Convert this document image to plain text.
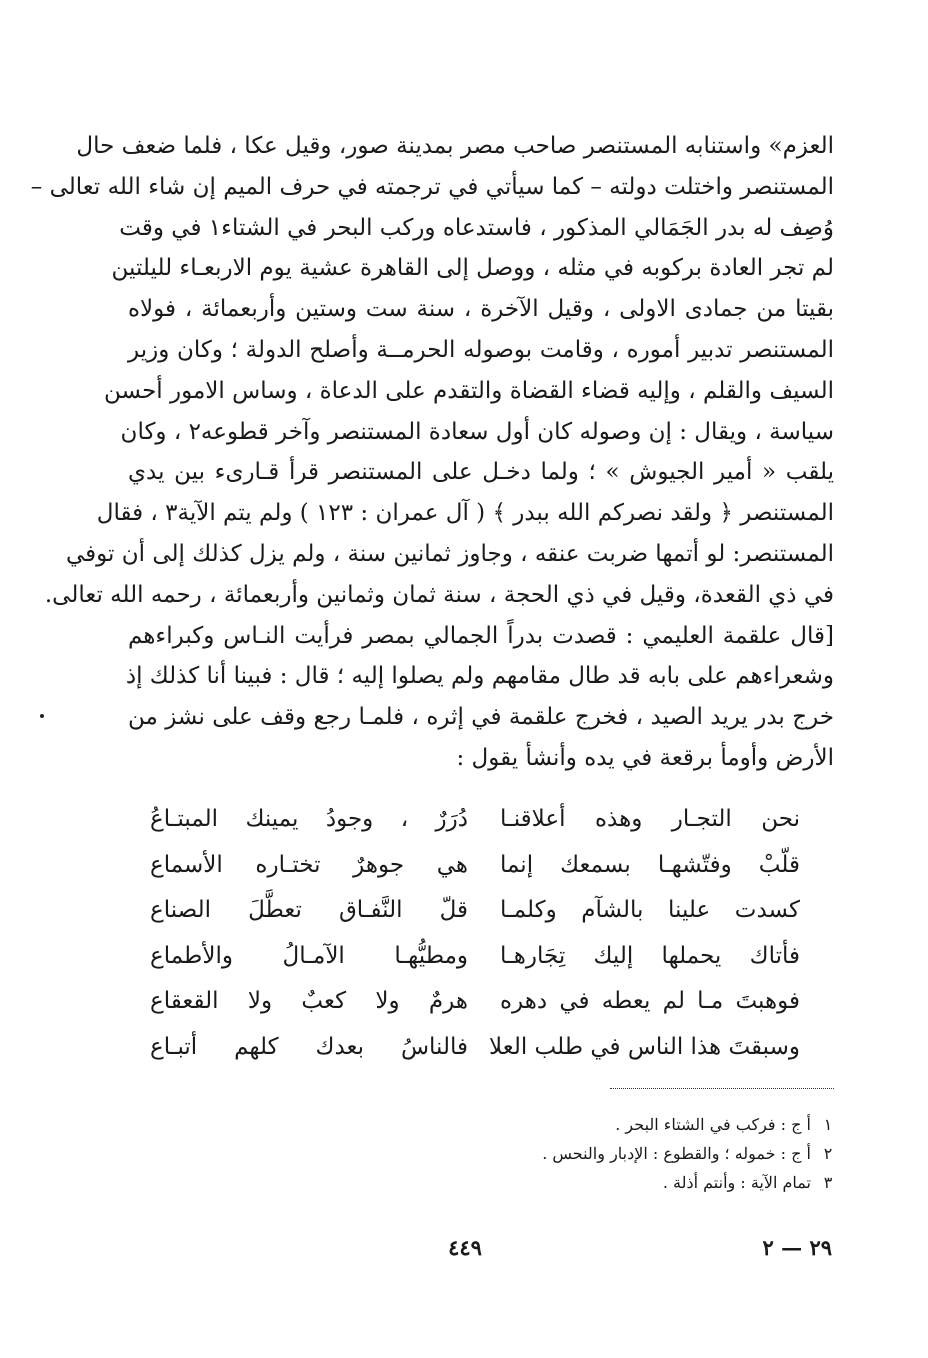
العزم» واستنابه المستنصر صاحب مصر بمدينة صور، وقيل عكا ، فلما ضعف حال
المستنصر واختلت دولته – كما سيأتي في ترجمته في حرف الميم إن شاء الله تعالى –
وُصِف له بدر الجَمَالي المذكور ، فاستدعاه وركب البحر في الشتاء١ في وقت
لم تجر العادة بركوبه في مثله ، ووصل إلى القاهرة عشية يوم الاربعـاء لليلتين
بقيتا من جمادى الاولى ، وقيل الآخرة ، سنة ست وستين وأربعمائة ، فولاه
المستنصر تدبير أموره ، وقامت بوصوله الحرمــة وأصلح الدولة ؛ وكان وزير
السيف والقلم ، وإليه قضاء القضاة والتقدم على الدعاة ، وساس الامور أحسن
سياسة ، ويقال : إن وصوله كان أول سعادة المستنصر وآخر قطوعه٢ ، وكان
يلقب « أمير الجيوش » ؛ ولما دخـل على المستنصر قرأ قـارىء بين يدي
المستنصر ﴿ ولقد نصركم الله ببدر ﴾ ( آل عمران : ١٢٣ ) ولم يتم الآية٣ ، فقال
المستنصر: لو أتمها ضربت عنقه ، وجاوز ثمانين سنة ، ولم يزل كذلك إلى أن توفي
في ذي القعدة، وقيل في ذي الحجة ، سنة ثمان وثمانين وأربعمائة ، رحمه الله تعالى.
[قال علقمة العليمي : قصدت بدراً الجمالي بمصر فرأيت النـاس وكبراءهم
وشعراءهم على بابه قد طال مقامهم ولم يصلوا إليه ؛ قال : فبينا أنا كذلك إذ
خرج بدر يريد الصيد ، فخرج علقمة في إثره ، فلمـا رجع وقف على نشز من
الأرض وأومأ برقعة في يده وأنشأ يقول :
نحن التجـار وهذه أعلاقنـا
دُرَرٌ ، وجودُ يمينك المبتـاعُ
قلّبْ وفتّشهـا بسمعك إنما
هي جوهرٌ تختـاره الأسماع
كسدت علينا بالشآم وكلمـا
قلّ النَّفـاق تعطَّلَ الصناع
فأتاك يحملها إليك تِجَارهـا
ومطيُّهـا الآمـالُ والأطماع
فوهبتَ مـا لم يعطه في دهره
هرمٌ ولا كعبٌ ولا القعقاع
وسبقتَ هذا الناس في طلب العلا
فالناسُ بعدك كلهم أتبـاع
١
أ ج : فركب في الشتاء البحر .
٢
أ ج : خموله ؛ والقطوع : الإدبار والنحس .
٣
تمام الآية : وأنتم أذلة .
٤٤٩	٢٩ — ٢
